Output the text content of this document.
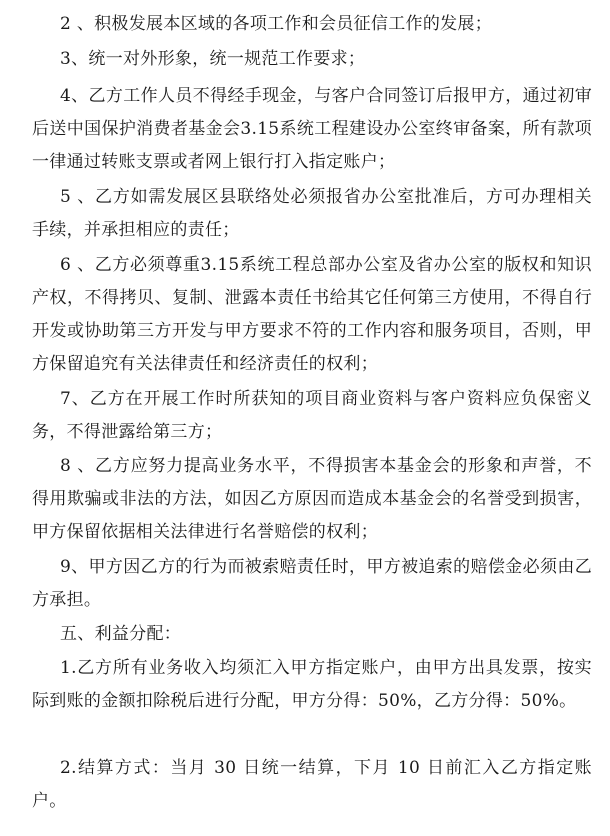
2 、积极发展本区域的各项工作和会员征信工作的发展；

3、统一对外形象，统一规范工作要求；

4、乙方工作人员不得经手现金，与客户合同签订后报甲方，通过初审后送中国保护消费者基金会3.15系统工程建设办公室终审备案，所有款项一律通过转账支票或者网上银行打入指定账户；

5 、乙方如需发展区县联络处必须报省办公室批准后，方可办理相关手续，并承担相应的责任；

6 、乙方必须尊重3.15系统工程总部办公室及省办公室的版权和知识产权，不得拷贝、复制、泄露本责任书给其它任何第三方使用，不得自行开发或协助第三方开发与甲方要求不符的工作内容和服务项目，否则，甲方保留追究有关法律责任和经济责任的权利；

7、乙方在开展工作时所获知的项目商业资料与客户资料应负保密义务，不得泄露给第三方；

8 、乙方应努力提高业务水平，不得损害本基金会的形象和声誉，不得用欺骗或非法的方法，如因乙方原因而造成本基金会的名誉受到损害，甲方保留依据相关法律进行名誉赔偿的权利；

9、甲方因乙方的行为而被索赔责任时，甲方被追索的赔偿金必须由乙方承担。

五、利益分配：

1.乙方所有业务收入均须汇入甲方指定账户，由甲方出具发票，按实际到账的金额扣除税后进行分配，甲方分得：50%，乙方分得：50%。

2.结算方式：当月 30 日统一结算，下月 10 日前汇入乙方指定账户。
